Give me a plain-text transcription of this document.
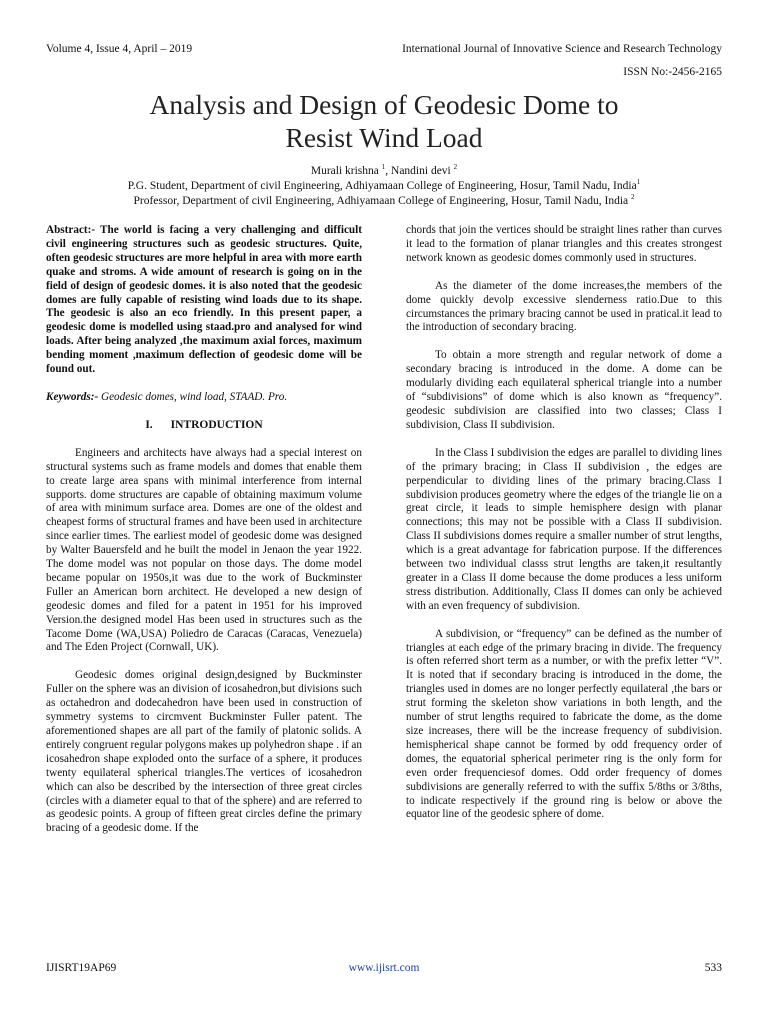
Volume 4, Issue 4, April – 2019	International Journal of Innovative Science and Research Technology
ISSN No:-2456-2165
Analysis and Design of Geodesic Dome to
Resist Wind Load
Murali krishna $^1$, Nandini devi $^2$
P.G. Student, Department of civil Engineering, Adhiyamaan College of Engineering, Hosur, Tamil Nadu, India$^1$
Professor, Department of civil Engineering, Adhiyamaan College of Engineering, Hosur, Tamil Nadu, India $^2$

Abstract:- The world is facing a very challenging and difficult civil engineering structures such as geodesic structures. Quite, often geodesic structures are more helpful in area with more earth quake and stroms. A wide amount of research is going on in the field of design of geodesic domes. it is also noted that the geodesic domes are fully capable of resisting wind loads due to its shape. The geodesic is also an eco friendly. In this present paper, a geodesic dome is modelled using staad.pro and analysed for wind loads. After being analyzed ,the maximum axial forces, maximum bending moment ,maximum deflection of geodesic dome will be found out.

Keywords:- Geodesic domes, wind load, STAAD. Pro.

I. INTRODUCTION

Engineers and architects have always had a special interest on structural systems such as frame models and domes that enable them to create large area spans with minimal interference from internal supports. dome structures are capable of obtaining maximum volume of area with minimum surface area. Domes are one of the oldest and cheapest forms of structural frames and have been used in architecture since earlier times. The earliest model of geodesic dome was designed by Walter Bauersfeld and he built the model in Jenaon the year 1922. The dome model was not popular on those days. The dome model became popular on 1950s,it was due to the work of Buckminster Fuller an American born architect. He developed a new design of geodesic domes and filed for a patent in 1951 for his improved Version.the designed model Has been used in structures such as the Tacome Dome (WA,USA) Poliedro de Caracas (Caracas, Venezuela) and The Eden Project (Cornwall, UK).

Geodesic domes original design,designed by Buckminster Fuller on the sphere was an division of icosahedron,but divisions such as octahedron and dodecahedron have been used in construction of symmetry systems to circmvent Buckminster Fuller patent. The aforementioned shapes are all part of the family of platonic solids. A entirely congruent regular polygons makes up polyhedron shape . if an icosahedron shape exploded onto the surface of a sphere, it produces twenty equilateral spherical triangles.The vertices of icosahedron which can also be described by the intersection of three great circles (circles with a diameter equal to that of the sphere) and are referred to as geodesic points. A group of fifteen great circles define the primary bracing of a geodesic dome. If the

chords that join the vertices should be straight lines rather than curves it lead to the formation of planar triangles and this creates strongest network known as geodesic domes commonly used in structures.

As the diameter of the dome increases,the members of the dome quickly devolp excessive slenderness ratio.Due to this circumstances the primary bracing cannot be used in pratical.it lead to the introduction of secondary bracing.

To obtain a more strength and regular network of dome a secondary bracing is introduced in the dome. A dome can be modularly dividing each equilateral spherical triangle into a number of “subdivisions” of dome which is also known as “frequency”. geodesic subdivision are classified into two classes; Class I subdivision, Class II subdivision.

In the Class I subdivision the edges are parallel to dividing lines of the primary bracing; in Class II subdivision , the edges are perpendicular to dividing lines of the primary bracing.Class I subdivision produces geometry where the edges of the triangle lie on a great circle, it leads to simple hemisphere design with planar connections; this may not be possible with a Class II subdivision. Class II subdivisions domes require a smaller number of strut lengths, which is a great advantage for fabrication purpose. If the differences between two individual classs strut lengths are taken,it resultantly greater in a Class II dome because the dome produces a less uniform stress distribution. Additionally, Class II domes can only be achieved with an even frequency of subdivision.

A subdivision, or “frequency” can be defined as the number of triangles at each edge of the primary bracing in divide. The frequency is often referred short term as a number, or with the prefix letter “V”. It is noted that if secondary bracing is introduced in the dome, the triangles used in domes are no longer perfectly equilateral ,the bars or strut forming the skeleton show variations in both length, and the number of strut lengths required to fabricate the dome, as the dome size increases, there will be the increase frequency of subdivision. hemispherical shape cannot be formed by odd frequency order of domes, the equatorial spherical perimeter ring is the only form for even order frequenciesof domes. Odd order frequency of domes subdivisions are generally referred to with the suffix 5/8ths or 3/8ths, to indicate respectively if the ground ring is below or above the equator line of the geodesic sphere of dome.

IJISRT19AP69	www.ijisrt.com	533
